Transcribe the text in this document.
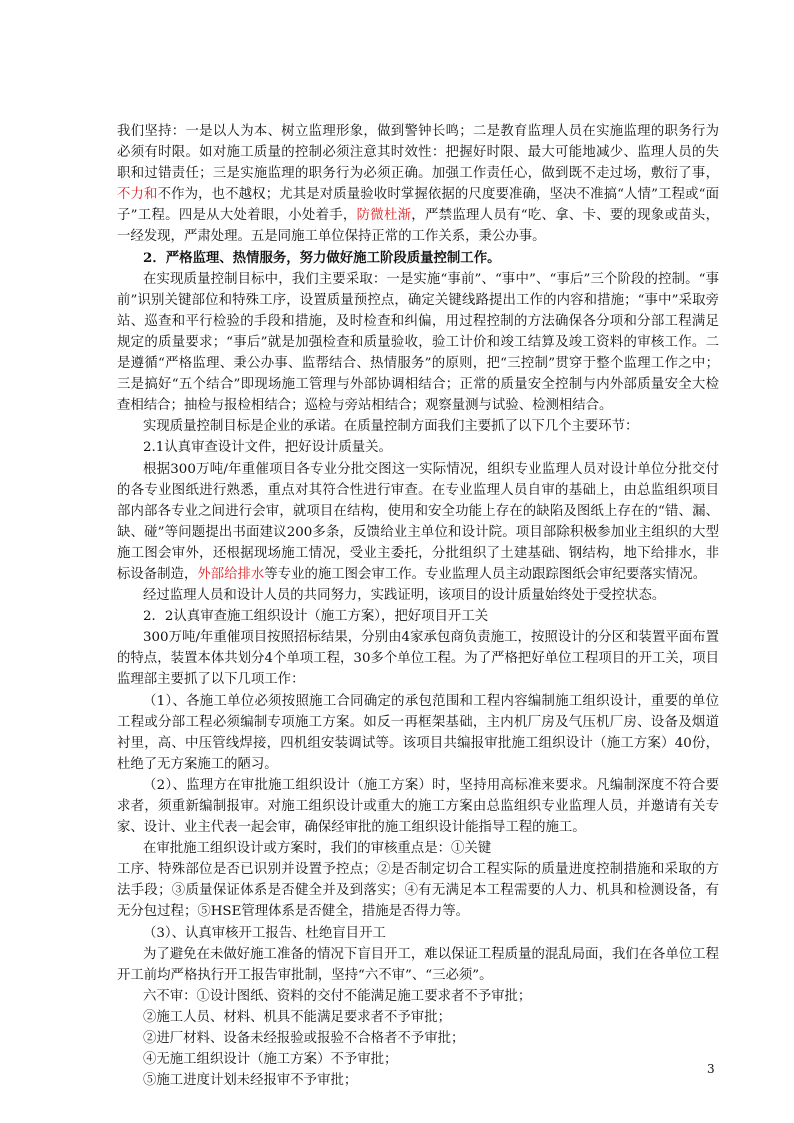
我们坚持：一是以人为本、树立监理形象，做到警钟长鸣；二是教育监理人员在实施监理的职务行为必须有时限。如对施工质量的控制必须注意其时效性：把握好时限、最大可能地减少、监理人员的失职和过错责任；三是实施监理的职务行为必须正确。加强工作责任心，做到既不走过场，敷衍了事，不力和不作为，也不越权；尤其是对质量验收时掌握依据的尺度要准确，坚决不准搞“人情”工程或“面子”工程。四是从大处着眼，小处着手，防微杜渐，严禁监理人员有“吃、拿、卡、要的现象或苗头，一经发现，严肃处理。五是同施工单位保持正常的工作关系，秉公办事。

2．严格监理、热情服务，努力做好施工阶段质量控制工作。

在实现质量控制目标中，我们主要采取：一是实施“事前”、“事中”、“事后”三个阶段的控制。“事前”识别关键部位和特殊工序，设置质量预控点，确定关键线路提出工作的内容和措施；“事中”采取旁站、巡查和平行检验的手段和措施，及时检查和纠偏，用过程控制的方法确保各分项和分部工程满足规定的质量要求；“事后”就是加强检查和质量验收，验工计价和竣工结算及竣工资料的审核工作。二是遵循“严格监理、秉公办事、监帮结合、热情服务”的原则，把“三控制”贯穿于整个监理工作之中；三是搞好“五个结合”即现场施工管理与外部协调相结合；正常的质量安全控制与内外部质量安全大检查相结合；抽检与报检相结合；巡检与旁站相结合；观察量测与试验、检测相结合。

实现质量控制目标是企业的承诺。在质量控制方面我们主要抓了以下几个主要环节：

2.1认真审查设计文件，把好设计质量关。

根据300万吨/年重催项目各专业分批交图这一实际情况，组织专业监理人员对设计单位分批交付的各专业图纸进行熟悉，重点对其符合性进行审查。在专业监理人员自审的基础上，由总监组织项目部内部各专业之间进行会审，就项目在结构，使用和安全功能上存在的缺陷及图纸上存在的“错、漏、缺、碰”等问题提出书面建议200多条，反馈给业主单位和设计院。项目部除积极参加业主组织的大型施工图会审外，还根据现场施工情况，受业主委托，分批组织了土建基础、钢结构，地下给排水，非标设备制造，外部给排水等专业的施工图会审工作。专业监理人员主动跟踪图纸会审纪要落实情况。

经过监理人员和设计人员的共同努力，实践证明，该项目的设计质量始终处于受控状态。

2．2认真审查施工组织设计（施工方案），把好项目开工关

300万吨/年重催项目按照招标结果，分别由4家承包商负责施工，按照设计的分区和装置平面布置的特点，装置本体共划分4个单项工程，30多个单位工程。为了严格把好单位工程项目的开工关，项目监理部主要抓了以下几项工作：

（1）、各施工单位必须按照施工合同确定的承包范围和工程内容编制施工组织设计，重要的单位工程或分部工程必须编制专项施工方案。如反一再框架基础，主内机厂房及气压机厂房、设备及烟道衬里，高、中压管线焊接，四机组安装调试等。该项目共编报审批施工组织设计（施工方案）40份，杜绝了无方案施工的陋习。

（2）、监理方在审批施工组织设计（施工方案）时，坚持用高标准来要求。凡编制深度不符合要求者，须重新编制报审。对施工组织设计或重大的施工方案由总监组织专业监理人员，并邀请有关专家、设计、业主代表一起会审，确保经审批的施工组织设计能指导工程的施工。

在审批施工组织设计或方案时，我们的审核重点是：①关键

工序、特殊部位是否已识别并设置予控点；②是否制定切合工程实际的质量进度控制措施和采取的方法手段；③质量保证体系是否健全并及到落实；④有无满足本工程需要的人力、机具和检测设备，有无分包过程；⑤HSE管理体系是否健全，措施是否得力等。

（3）、认真审核开工报告、杜绝盲目开工

为了避免在未做好施工准备的情况下盲目开工，难以保证工程质量的混乱局面，我们在各单位工程开工前均严格执行开工报告审批制，坚持“六不审”、“三必须”。

六不审：①设计图纸、资料的交付不能满足施工要求者不予审批；

②施工人员、材料、机具不能满足要求者不予审批；

②进厂材料、设备未经报验或报验不合格者不予审批；

④无施工组织设计（施工方案）不予审批；

⑤施工进度计划未经报审不予审批；

3
